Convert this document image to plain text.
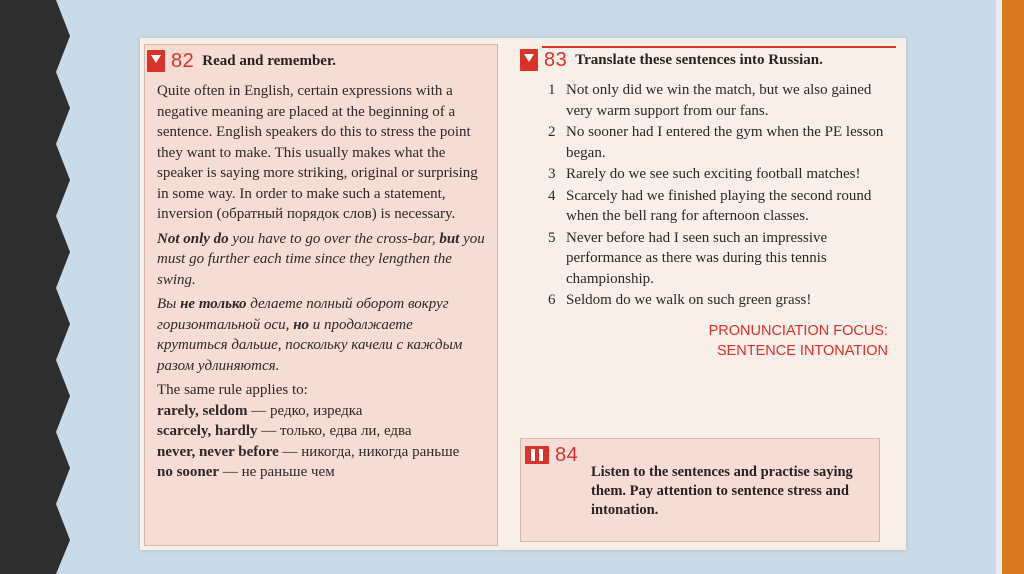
82 Read and remember.

Quite often in English, certain expressions with a negative meaning are placed at the beginning of a sentence. English speakers do this to stress the point they want to make. This usually makes what the speaker is saying more striking, original or surprising in some way. In order to make such a statement, inversion (обратный порядок слов) is necessary.

Not only do you have to go over the cross-bar, but you must go further each time since they lengthen the swing.

Вы не только делаете полный оборот вокруг горизонтальной оси, но и продолжаете крутиться дальше, поскольку качели с каждым разом удлиняются.

The same rule applies to:
rarely, seldom — редко, изредка
scarcely, hardly — только, едва ли, едва
never, never before — никогда, никогда раньше
no sooner — не раньше чем
83 Translate these sentences into Russian.
1 Not only did we win the match, but we also gained very warm support from our fans.
2 No sooner had I entered the gym when the PE lesson began.
3 Rarely do we see such exciting football matches!
4 Scarcely had we finished playing the second round when the bell rang for afternoon classes.
5 Never before had I seen such an impressive performance as there was during this tennis championship.
6 Seldom do we walk on such green grass!
PRONUNCIATION FOCUS:
SENTENCE INTONATION
84
Listen to the sentences and practise saying them. Pay attention to sentence stress and intonation.
